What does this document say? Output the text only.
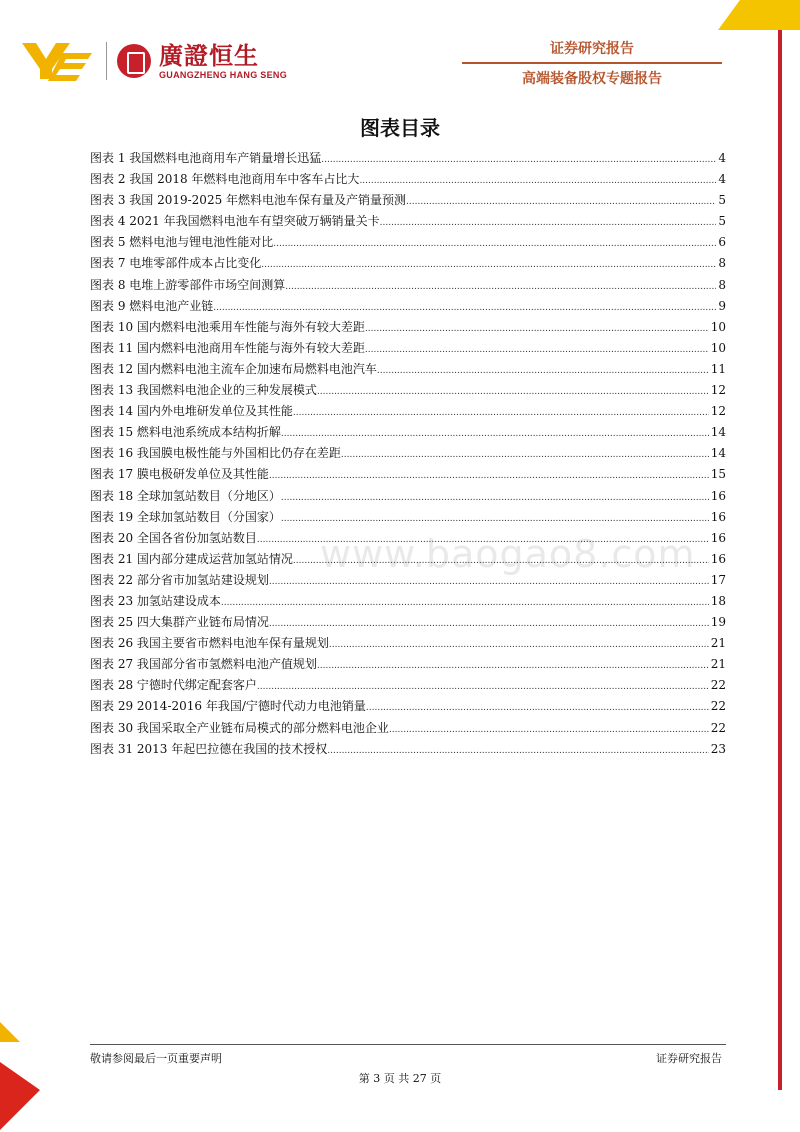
廣證恒生
GUANGZHENG HANG SENG
证券研究报告
高端装备股权专题报告
图表目录
www.baogao8.com
图表 1 我国燃料电池商用车产销量增长迅猛 .....	4
图表 2 我国 2018 年燃料电池商用车中客车占比大 .....	4
图表 3 我国 2019-2025 年燃料电池车保有量及产销量预测 .....	5
图表 4 2021 年我国燃料电池车有望突破万辆销量关卡 .....	5
图表 5 燃料电池与锂电池性能对比 .....	6
图表 7 电堆零部件成本占比变化 .....	8
图表 8 电堆上游零部件市场空间测算 .....	8
图表 9 燃料电池产业链 .....	9
图表 10 国内燃料电池乘用车性能与海外有较大差距 .....	10
图表 11 国内燃料电池商用车性能与海外有较大差距 .....	10
图表 12 国内燃料电池主流车企加速布局燃料电池汽车 .....	11
图表 13 我国燃料电池企业的三种发展模式 .....	12
图表 14 国内外电堆研发单位及其性能 .....	12
图表 15 燃料电池系统成本结构折解 .....	14
图表 16 我国膜电极性能与外国相比仍存在差距 .....	14
图表 17 膜电极研发单位及其性能 .....	15
图表 18 全球加氢站数目（分地区） .....	16
图表 19 全球加氢站数目（分国家） .....	16
图表 20 全国各省份加氢站数目 .....	16
图表 21 国内部分建成运营加氢站情况 .....	16
图表 22 部分省市加氢站建设规划 .....	17
图表 23 加氢站建设成本 .....	18
图表 25 四大集群产业链布局情况 .....	19
图表 26 我国主要省市燃料电池车保有量规划 .....	21
图表 27 我国部分省市氢燃料电池产值规划 .....	21
图表 28 宁德时代绑定配套客户 .....	22
图表 29 2014-2016 年我国/宁德时代动力电池销量 .....	22
图表 30 我国采取全产业链布局模式的部分燃料电池企业 .....	22
图表 31 2013 年起巴拉德在我国的技术授权 .....	23
敬请参阅最后一页重要声明	证券研究报告
第 3 页 共 27 页
